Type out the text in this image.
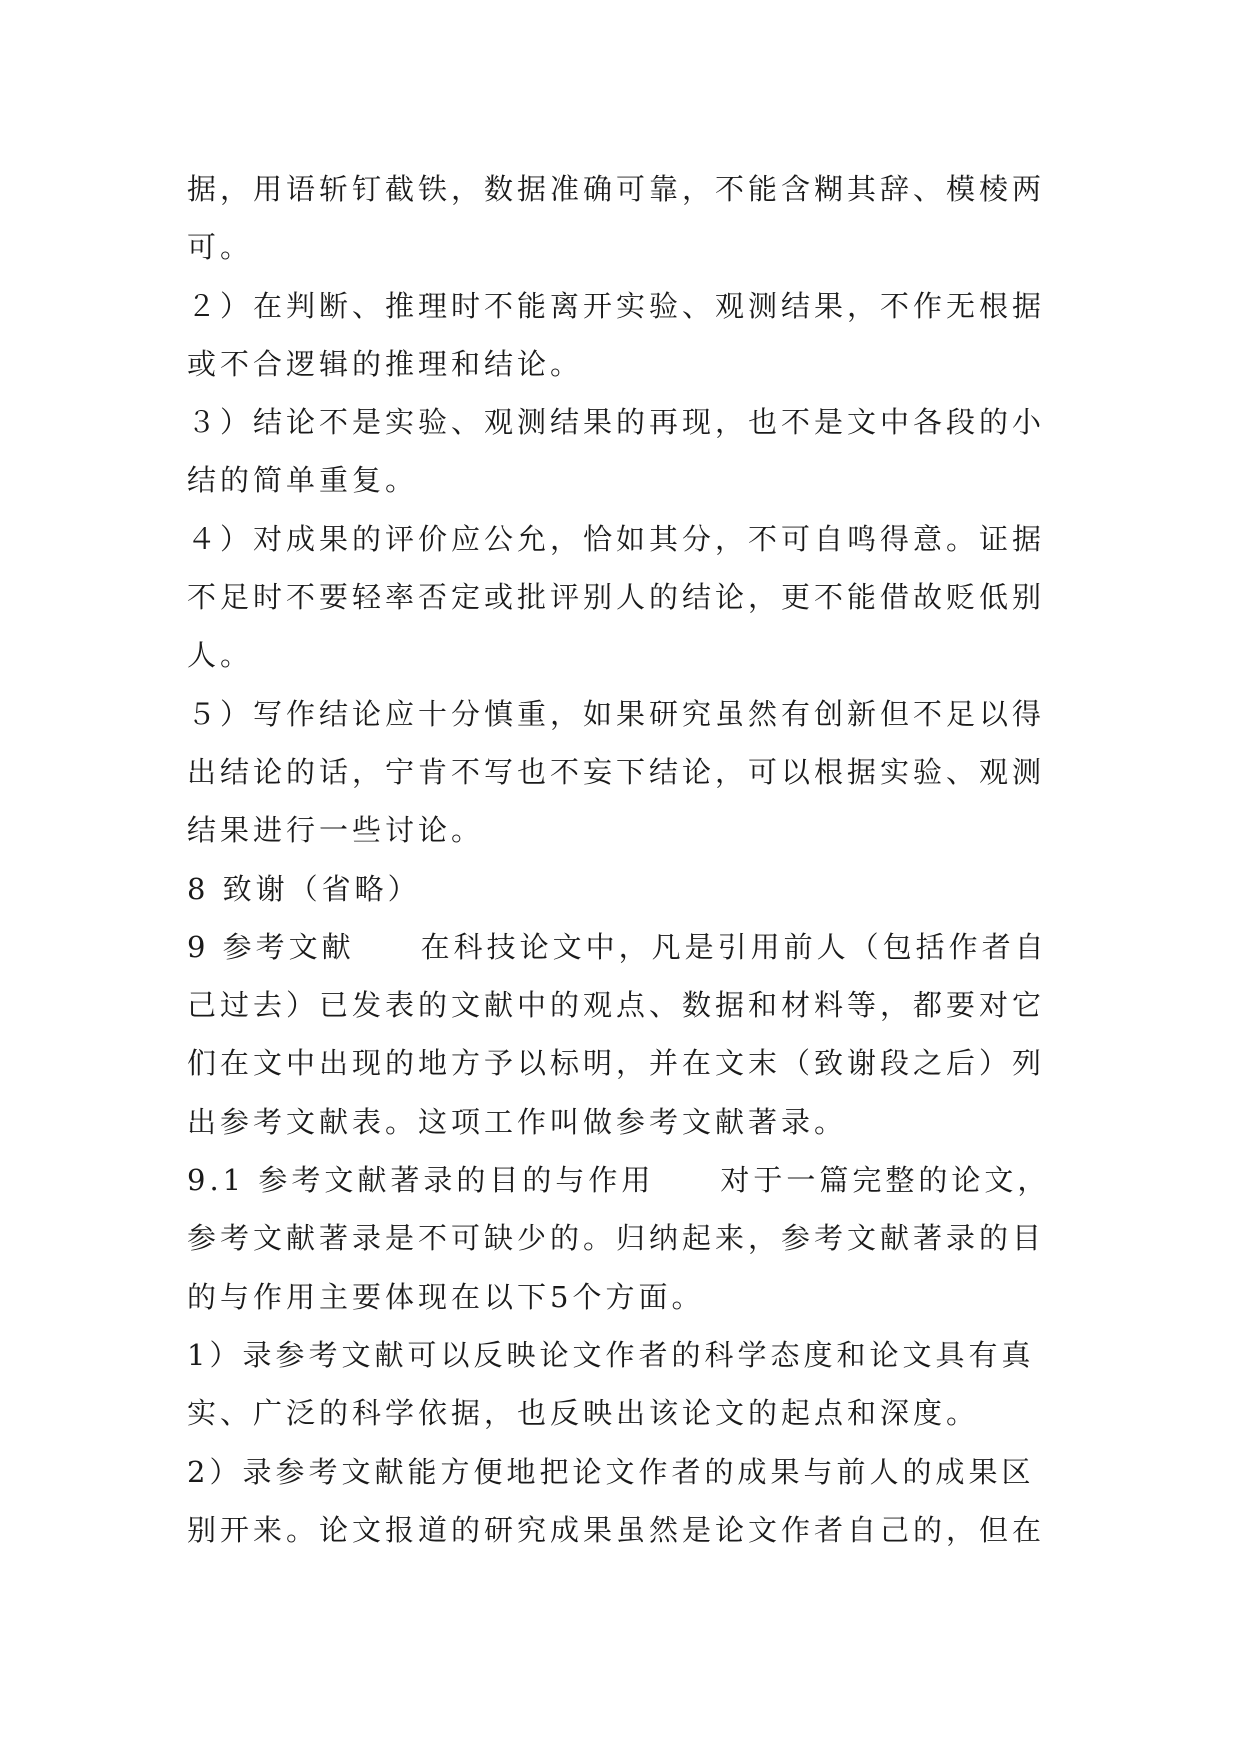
据，用语斩钉截铁，数据准确可靠，不能含糊其辞、模棱两
可。
２）在判断、推理时不能离开实验、观测结果，不作无根据
或不合逻辑的推理和结论。
３）结论不是实验、观测结果的再现，也不是文中各段的小
结的简单重复。
４）对成果的评价应公允，恰如其分，不可自鸣得意。证据
不足时不要轻率否定或批评别人的结论，更不能借故贬低别
人。
５）写作结论应十分慎重，如果研究虽然有创新但不足以得
出结论的话，宁肯不写也不妄下结论，可以根据实验、观测
结果进行一些讨论。
8 致谢（省略）
9 参考文献　　在科技论文中，凡是引用前人（包括作者自
己过去）已发表的文献中的观点、数据和材料等，都要对它
们在文中出现的地方予以标明，并在文末（致谢段之后）列
出参考文献表。这项工作叫做参考文献著录。
9.1 参考文献著录的目的与作用　　对于一篇完整的论文，
参考文献著录是不可缺少的。归纳起来，参考文献著录的目
的与作用主要体现在以下5个方面。
1）录参考文献可以反映论文作者的科学态度和论文具有真
实、广泛的科学依据，也反映出该论文的起点和深度。
2）录参考文献能方便地把论文作者的成果与前人的成果区
别开来。论文报道的研究成果虽然是论文作者自己的，但在
